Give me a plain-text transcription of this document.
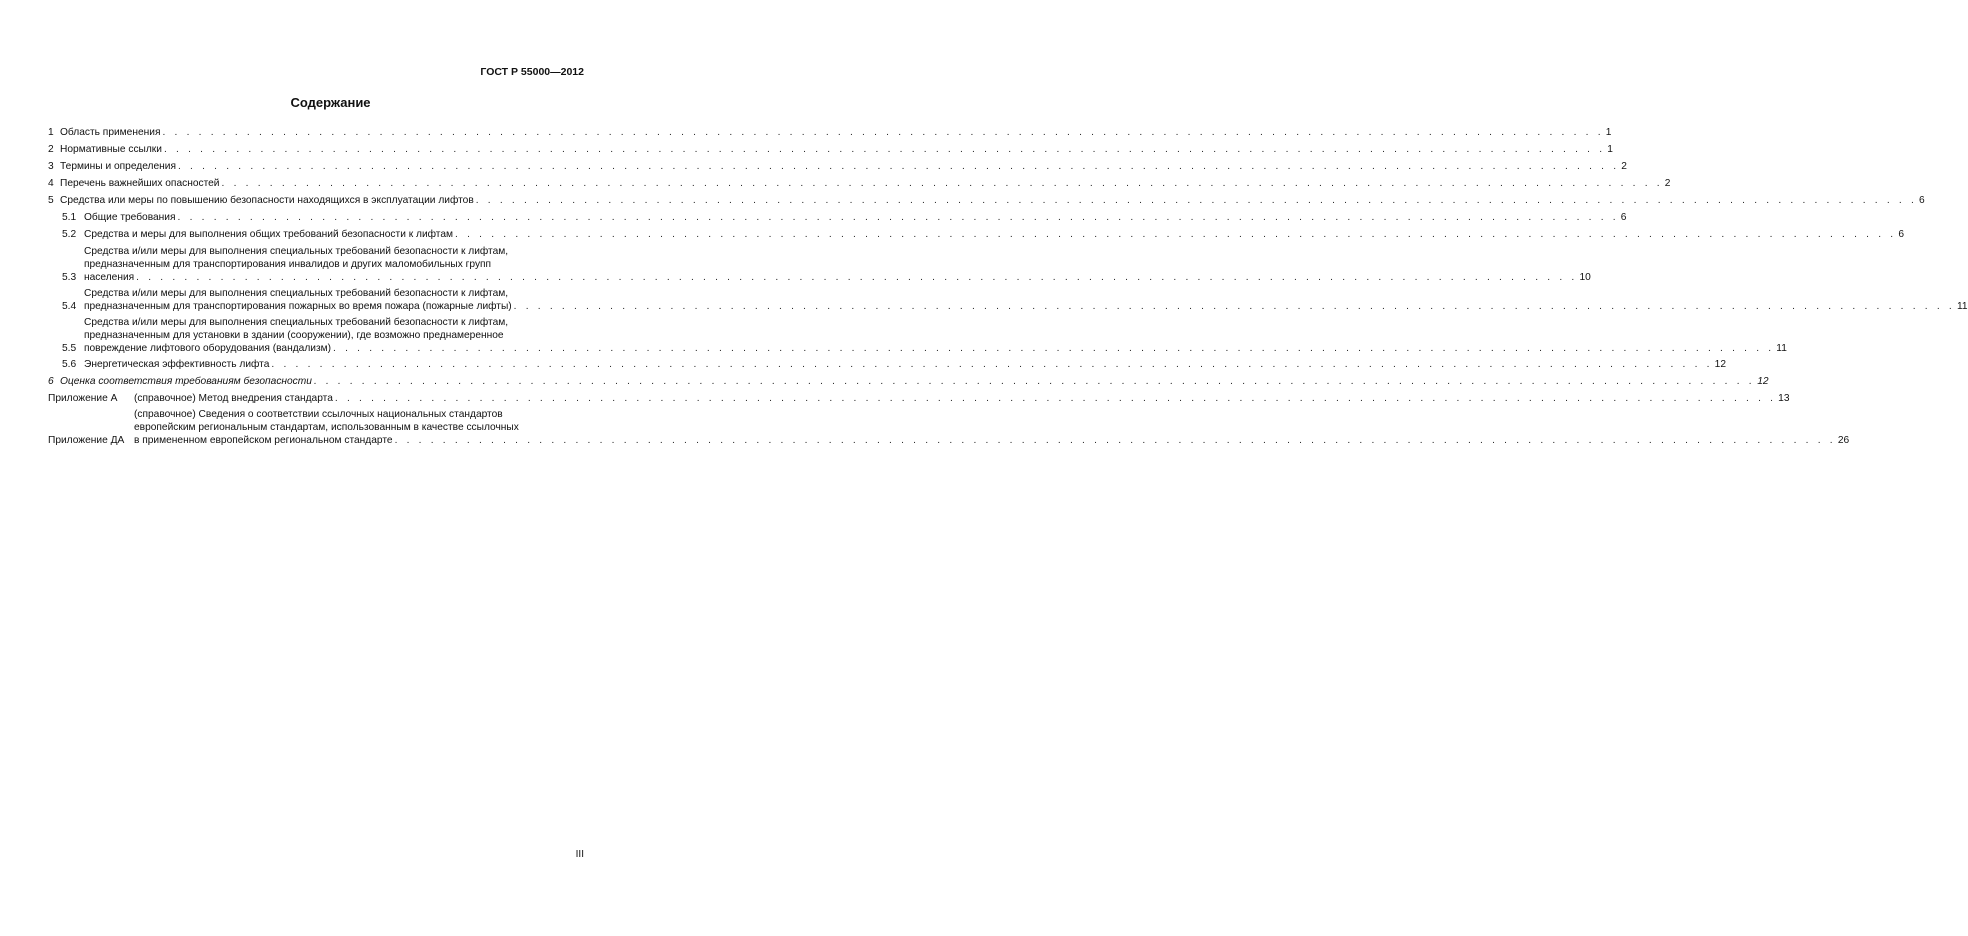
ГОСТ Р 55000—2012
Содержание
1 Область применения . . . . . . . . . . . . . . . . . . . . . . . . . . . . . . . . . . . . . . . . . . . . . . . . . . . . . . . . . . . . . . . . . . . . . . . . . . . . . . . . . . . . . . . . . . . . . . . . . . . . . . . . . . . . . . . . . . . . . . . . 1
2 Нормативные ссылки . . . . . . . . . . . . . . . . . . . . . . . . . . . . . . . . . . . . . . . . . . . . . . . . . . . . . . . . . . . . . . . . . . . . . . . . . . . . . . . . . . . . . . . . . . . . . . . . . . . . . . . . . . . . . . . . . . . . . . . . 1
3 Термины и определения . . . . . . . . . . . . . . . . . . . . . . . . . . . . . . . . . . . . . . . . . . . . . . . . . . . . . . . . . . . . . . . . . . . . . . . . . . . . . . . . . . . . . . . . . . . . . . . . . . . . . . . . . . . . . . . . . . . . . . . . 2
4 Перечень важнейших опасностей . . . . . . . . . . . . . . . . . . . . . . . . . . . . . . . . . . . . . . . . . . . . . . . . . . . . . . . . . . . . . . . . . . . . . . . . . . . . . . . . . . . . . . . . . . . . . . . . . . . . . . . . . . . . . . . . . . . . . . . . 2
5 Средства или меры по повышению безопасности находящихся в эксплуатации лифтов . . . . . . . . . . . . . . . . . . . . . . . . . . . . . . . . . . . . . . . . . . . . . . . . . . . . . . . . . . . . . . . . . . . . . . . . . . . . . . . . . . . . . . . . . . . . . . . . . . . . . . . . . . . . . . . . . . . . . . . . 6
5.1 Общие требования . . . . . . . . . . . . . . . . . . . . . . . . . . . . . . . . . . . . . . . . . . . . . . . . . . . . . . . . . . . . . . . . . . . . . . . . . . . . . . . . . . . . . . . . . . . . . . . . . . . . . . . . . . . . . . . . . . . . . . . . 6
5.2 Средства и меры для выполнения общих требований безопасности к лифтам . . . . . . . . . . . . . . . . . . . . . . . . . . . . . . . . . . . . . . . . . . . . . . . . . . . . . . . . . . . . . . . . . . . . . . . . . . . . . . . . . . . . . . . . . . . . . . . . . . . . . . . . . . . . . . . . . . . . . . . . 6
5.3
Средства и/или меры для выполнения специальных требований безопасности к лифтам,
предназначенным для транспортирования инвалидов и других маломобильных групп
населения . . . . . . . . . . . . . . . . . . . . . . . . . . . . . . . . . . . . . . . . . . . . . . . . . . . . . . . . . . . . . . . . . . . . . . . . . . . . . . . . . . . . . . . . . . . . . . . . . . . . . . . . . . . . . . . . . . . . . . . . 10
5.4
Средства и/или меры для выполнения специальных требований безопасности к лифтам,
предназначенным для транспортирования пожарных во время пожара (пожарные лифты) . . . . . . . . . . . . . . . . . . . . . . . . . . . . . . . . . . . . . . . . . . . . . . . . . . . . . . . . . . . . . . . . . . . . . . . . . . . . . . . . . . . . . . . . . . . . . . . . . . . . . . . . . . . . . . . . . . . . . . . . 11
5.5
Средства и/или меры для выполнения специальных требований безопасности к лифтам,
предназначенным для установки в здании (сооружении), где возможно преднамеренное
повреждение лифтового оборудования (вандализм) . . . . . . . . . . . . . . . . . . . . . . . . . . . . . . . . . . . . . . . . . . . . . . . . . . . . . . . . . . . . . . . . . . . . . . . . . . . . . . . . . . . . . . . . . . . . . . . . . . . . . . . . . . . . . . . . . . . . . . . . 11
5.6 Энергетическая эффективность лифта . . . . . . . . . . . . . . . . . . . . . . . . . . . . . . . . . . . . . . . . . . . . . . . . . . . . . . . . . . . . . . . . . . . . . . . . . . . . . . . . . . . . . . . . . . . . . . . . . . . . . . . . . . . . . . . . . . . . . . . . 12
6 Оценка соответствия требованиям безопасности . . . . . . . . . . . . . . . . . . . . . . . . . . . . . . . . . . . . . . . . . . . . . . . . . . . . . . . . . . . . . . . . . . . . . . . . . . . . . . . . . . . . . . . . . . . . . . . . . . . . . . . . . . . . . . . . . . . . . . . . 12
Приложение А	(справочное) Метод внедрения стандарта . . . . . . . . . . . . . . . . . . . . . . . . . . . . . . . . . . . . . . . . . . . . . . . . . . . . . . . . . . . . . . . . . . . . . . . . . . . . . . . . . . . . . . . . . . . . . . . . . . . . . . . . . . . . . . . . . . . . . . . . 13
Приложение ДА
(справочное) Сведения о соответствии ссылочных национальных стандартов
европейским региональным стандартам, использованным в качестве ссылочных
в примененном европейском региональном стандарте . . . . . . . . . . . . . . . . . . . . . . . . . . . . . . . . . . . . . . . . . . . . . . . . . . . . . . . . . . . . . . . . . . . . . . . . . . . . . . . . . . . . . . . . . . . . . . . . . . . . . . . . . . . . . . . . . . . . . . . . 26
III
